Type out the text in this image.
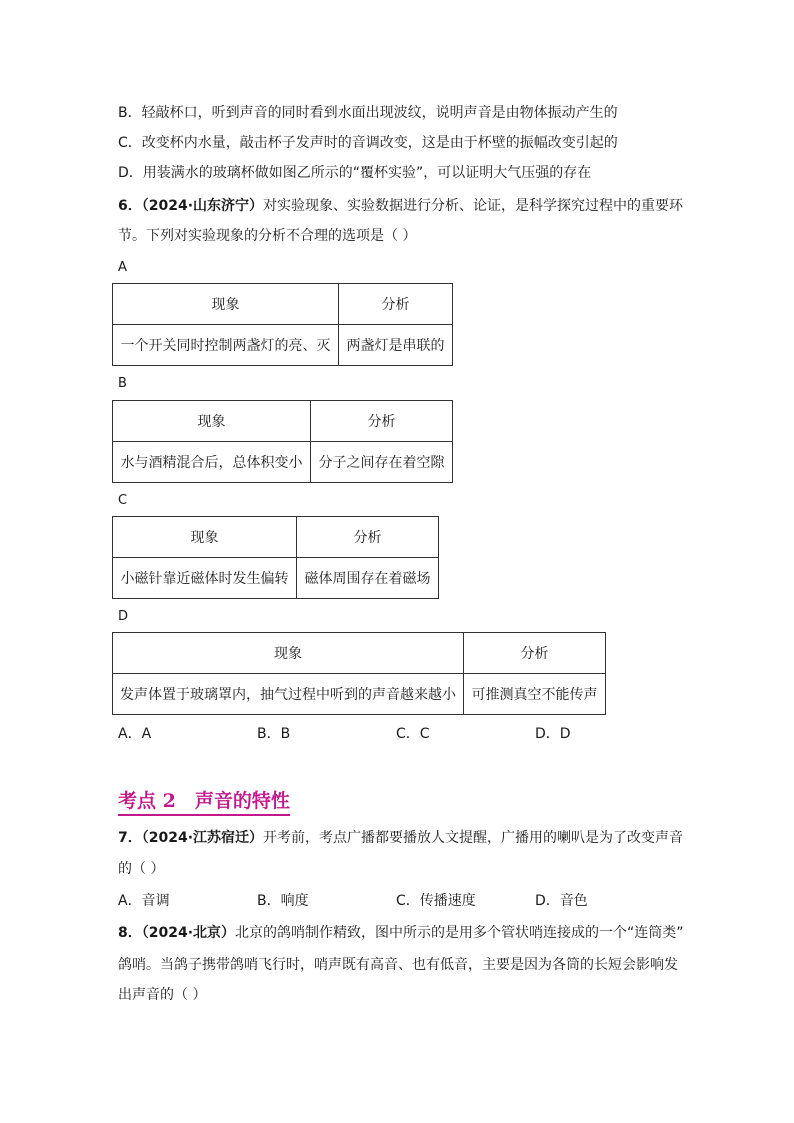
B．轻敲杯口，听到声音的同时看到水面出现波纹，说明声音是由物体振动产生的
C．改变杯内水量，敲击杯子发声时的音调改变，这是由于杯壁的振幅改变引起的
D．用装满水的玻璃杯做如图乙所示的“覆杯实验”，可以证明大气压强的存在
6．（2024·山东济宁）对实验现象、实验数据进行分析、论证，是科学探究过程中的重要环
节。下列对实验现象的分析不合理的选项是（ ）
A
现象	分析
一个开关同时控制两盏灯的亮、灭	两盏灯是串联的
B
现象	分析
水与酒精混合后，总体积变小	分子之间存在着空隙
C
现象	分析
小磁针靠近磁体时发生偏转	磁体周围存在着磁场
D
现象	分析
发声体置于玻璃罩内，抽气过程中听到的声音越来越小	可推测真空不能传声
A．A	B．B	C．C	D．D
考点 2　声音的特性
7．（2024·江苏宿迁）开考前，考点广播都要播放人文提醒，广播用的喇叭是为了改变声音
的（ ）
A．音调	B．响度	C．传播速度	D．音色
8．（2024·北京）北京的鸽哨制作精致，图中所示的是用多个管状哨连接成的一个“连筒类”
鸽哨。当鸽子携带鸽哨飞行时，哨声既有高音、也有低音，主要是因为各筒的长短会影响发
出声音的（ ）
